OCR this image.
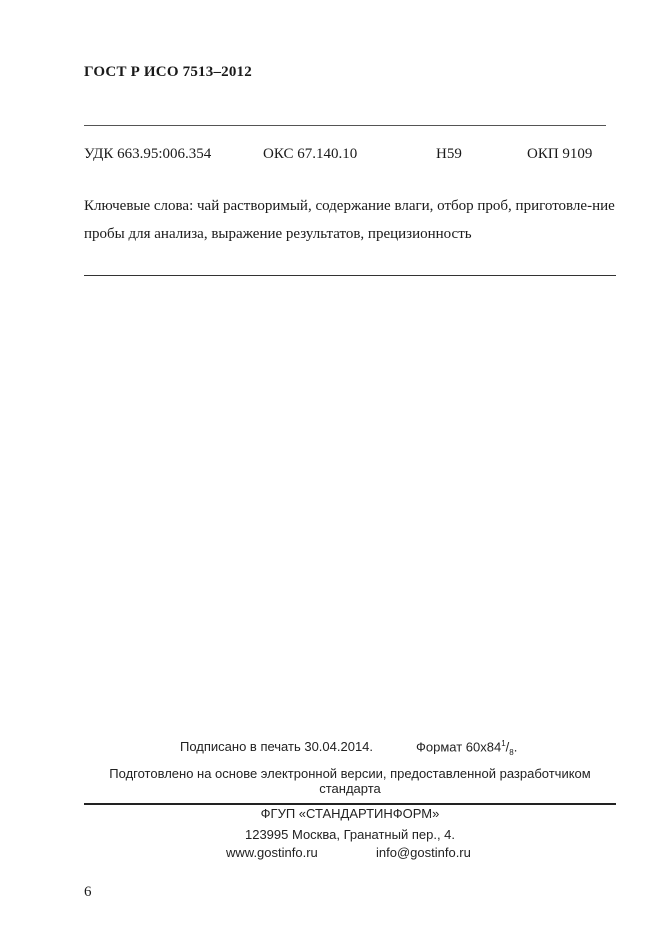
ГОСТ Р ИСО 7513–2012
УДК 663.95:006.354	ОКС 67.140.10	Н59	ОКП 9109
Ключевые слова: чай растворимый, содержание влаги, отбор проб, приготовле-ние пробы для анализа, выражение результатов, прецизионность
Подписано в печать 30.04.2014.	Формат $60x84^1/_8$.
Подготовлено на основе электронной версии, предоставленной разработчиком стандарта
ФГУП «СТАНДАРТИНФОРМ»
123995 Москва, Гранатный пер., 4.
www.gostinfo.ru	info@gostinfo.ru
6
